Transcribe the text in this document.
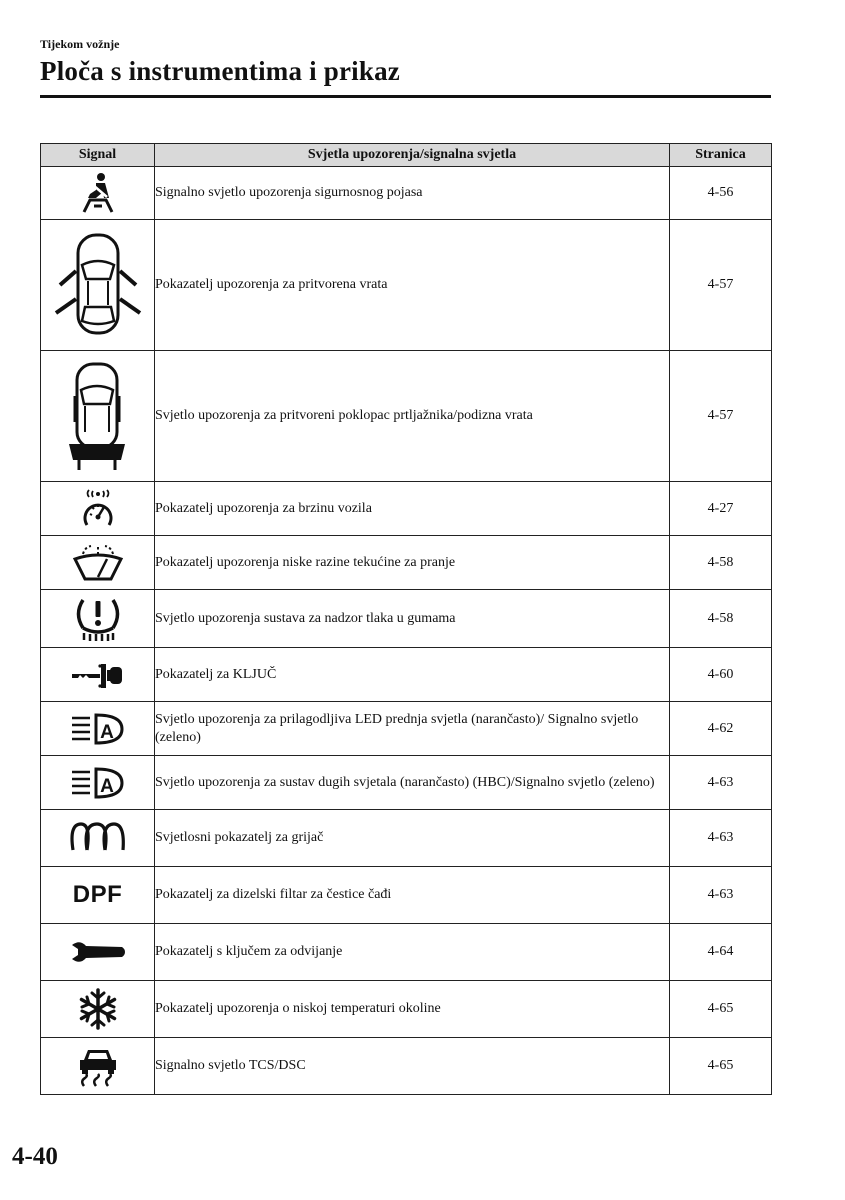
Tijekom vožnje
Ploča s instrumentima i prikaz
Signal	Svjetla upozorenja/signalna svjetla	Stranica

	Signalno svjetlo upozorenja sigurnosnog pojasa	4-56

	Pokazatelj upozorenja za pritvorena vrata	4-57

	Svjetlo upozorenja za pritvoreni poklopac prtljažnika/podizna vrata	4-57

	Pokazatelj upozorenja za brzinu vozila	4-27

	Pokazatelj upozorenja niske razine tekućine za pranje	4-58

	Svjetlo upozorenja sustava za nadzor tlaka u gumama	4-58

	Pokazatelj za KLJUČ	4-60

A	Svjetlo upozorenja za prilagodljiva LED prednja svjetla (narančasto)/ Signalno svjetlo (zeleno)	4-62

A	Svjetlo upozorenja za sustav dugih svjetala (narančasto) (HBC)/Signalno svjetlo (zeleno)	4-63

	Svjetlosni pokazatelj za grijač	4-63
DPF	Pokazatelj za dizelski filtar za čestice čađi	4-63

	Pokazatelj s ključem za odvijanje	4-64

	Pokazatelj upozorenja o niskoj temperaturi okoline	4-65

	Signalno svjetlo TCS/DSC	4-65
4-40
